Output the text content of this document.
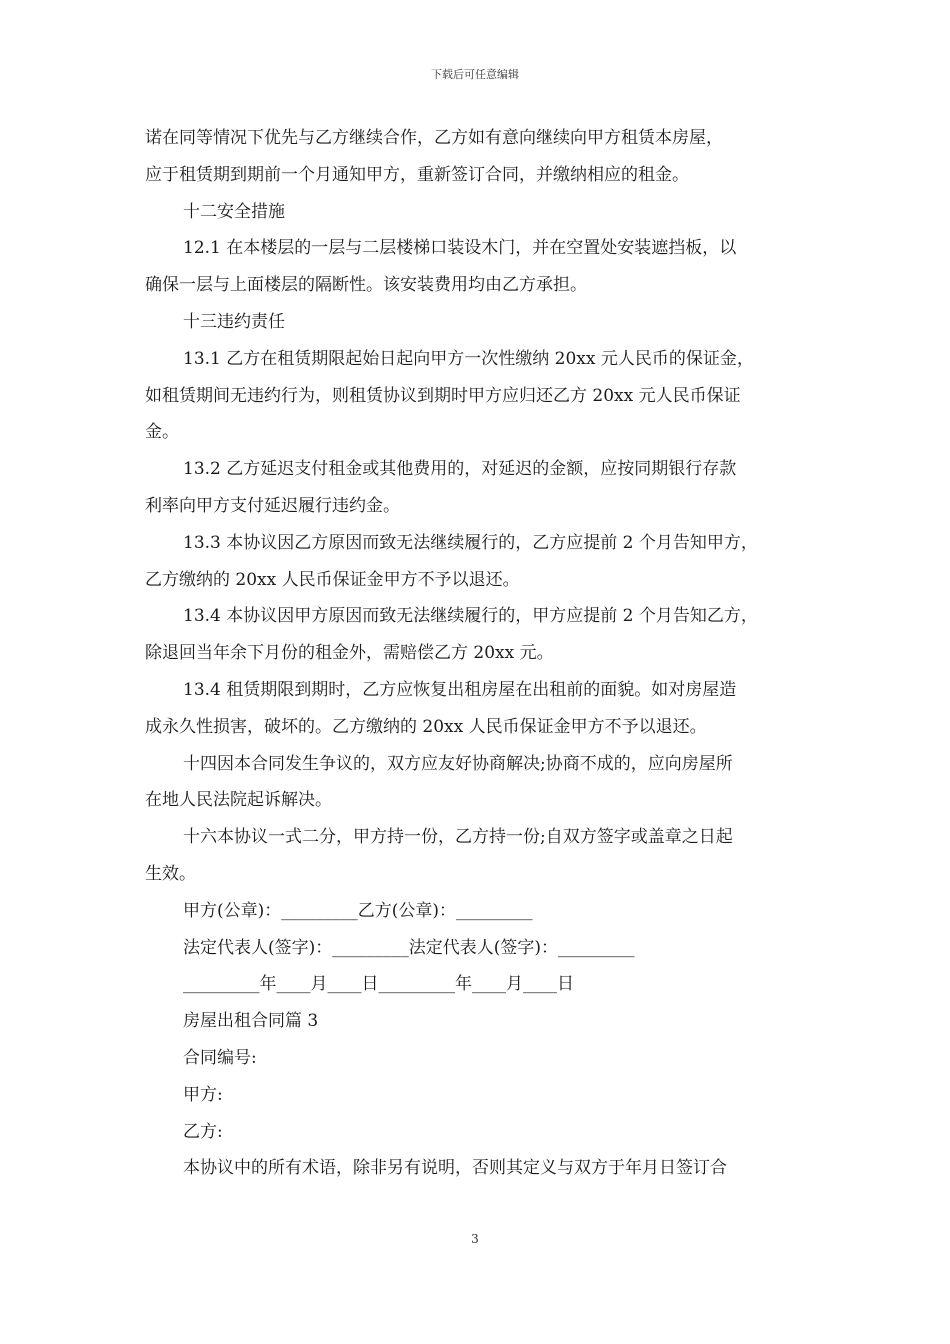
下载后可任意编辑

诺在同等情况下优先与乙方继续合作，乙方如有意向继续向甲方租赁本房屋，

应于租赁期到期前一个月通知甲方，重新签订合同，并缴纳相应的租金。

十二安全措施

12.1 在本楼层的一层与二层楼梯口装设木门，并在空置处安装遮挡板，以

确保一层与上面楼层的隔断性。该安装费用均由乙方承担。

十三违约责任

13.1 乙方在租赁期限起始日起向甲方一次性缴纳 20xx 元人民币的保证金，

如租赁期间无违约行为，则租赁协议到期时甲方应归还乙方 20xx 元人民币保证

金。

13.2 乙方延迟支付租金或其他费用的，对延迟的金额，应按同期银行存款

利率向甲方支付延迟履行违约金。

13.3 本协议因乙方原因而致无法继续履行的，乙方应提前 2 个月告知甲方，

乙方缴纳的 20xx 人民币保证金甲方不予以退还。

13.4 本协议因甲方原因而致无法继续履行的，甲方应提前 2 个月告知乙方，

除退回当年余下月份的租金外，需赔偿乙方 20xx 元。

13.4 租赁期限到期时，乙方应恢复出租房屋在出租前的面貌。如对房屋造

成永久性损害，破坏的。乙方缴纳的 20xx 人民币保证金甲方不予以退还。

十四因本合同发生争议的，双方应友好协商解决;协商不成的，应向房屋所

在地人民法院起诉解决。

十六本协议一式二分，甲方持一份，乙方持一份;自双方签字或盖章之日起

生效。

甲方(公章)：_________乙方(公章)：_________

法定代表人(签字)：_________法定代表人(签字)：_________

_________年____月____日_________年____月____日

房屋出租合同篇 3

合同编号:

甲方:

乙方:

本协议中的所有术语，除非另有说明，否则其定义与双方于年月日签订合

3
